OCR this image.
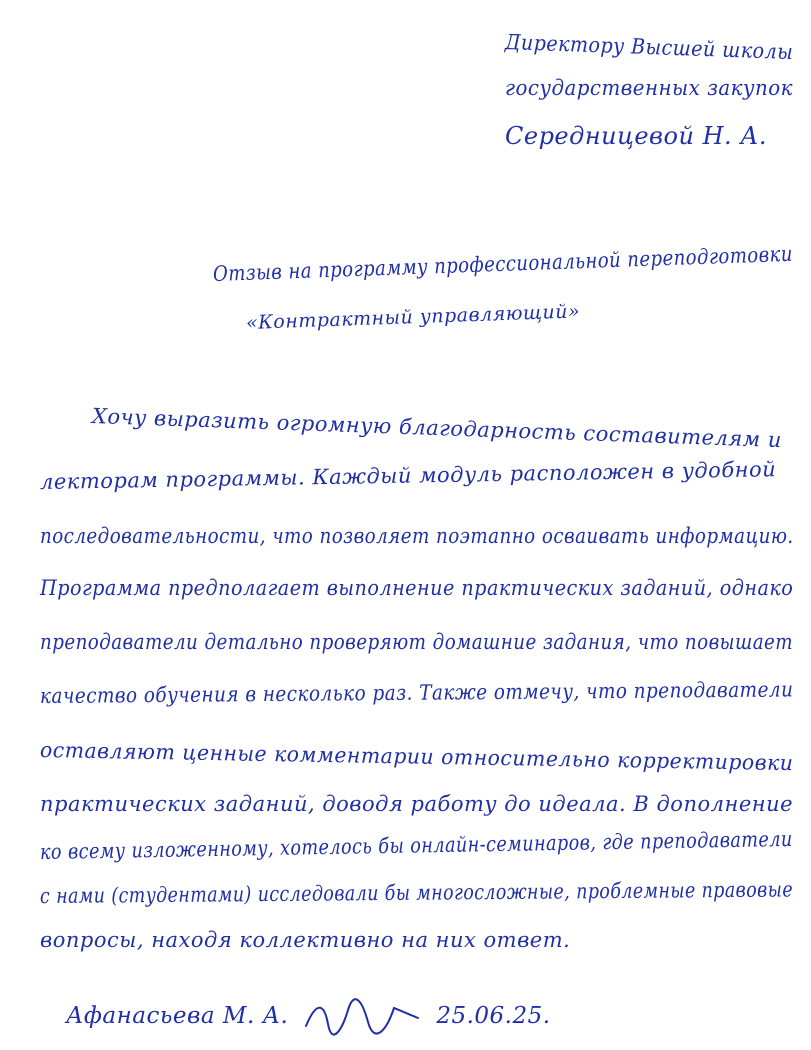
Директору Высшей школы
государственных закупок
Середницевой Н. А.
Отзыв на программу профессиональной переподготовки
«Контрактный управляющий»
Хочу выразить огромную благодарность составителям и
лекторам программы. Каждый модуль расположен в удобной
последовательности, что позволяет поэтапно осваивать информацию.
Программа предполагает выполнение практических заданий, однако
преподаватели детально проверяют домашние задания, что повышает
качество обучения в несколько раз. Также отмечу, что преподаватели
оставляют ценные комментарии относительно корректировки
практических заданий, доводя работу до идеала. В дополнение
ко всему изложенному, хотелось бы онлайн-семинаров, где преподаватели
с нами (студентами) исследовали бы многосложные, проблемные правовые
вопросы, находя коллективно на них ответ.
Афанасьева М. А.	25.06.25.
